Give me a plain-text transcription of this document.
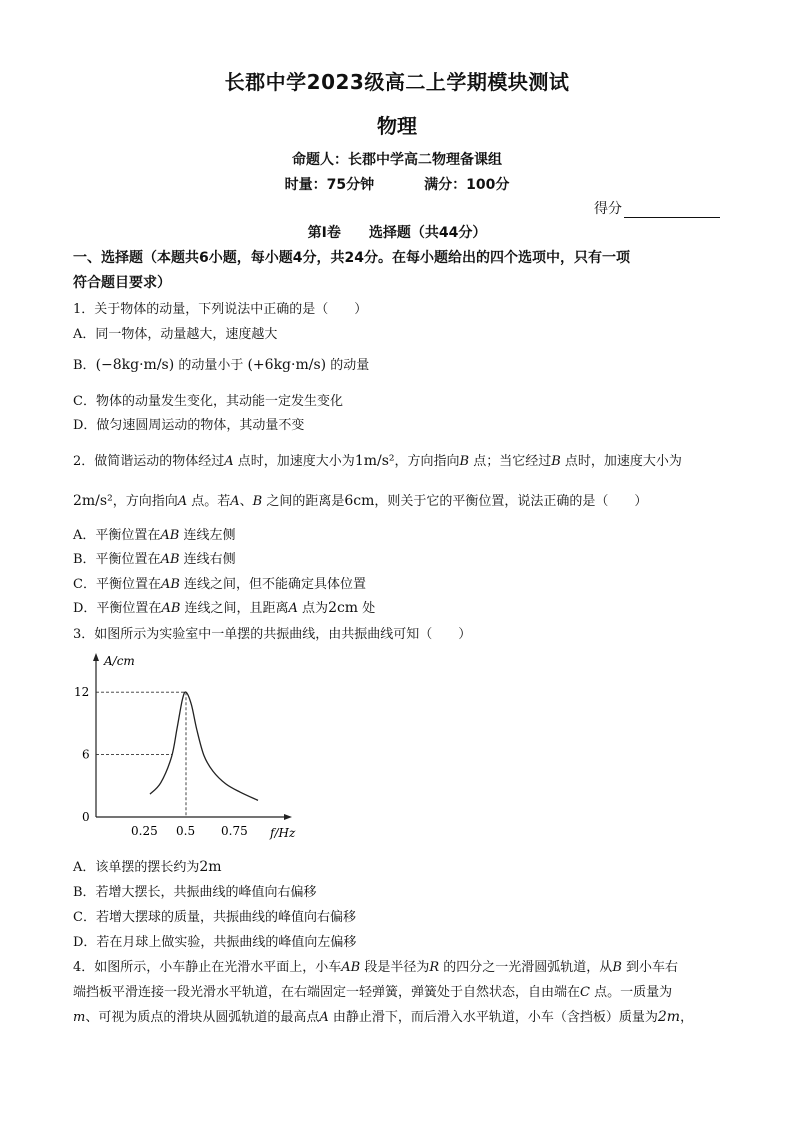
长郡中学2023级高二上学期模块测试
物理
命题人：长郡中学高二物理备课组
时量：75分钟	满分：100分
得分
第Ⅰ卷 选择题（共44分）
一、选择题（本题共6小题，每小题4分，共24分。在每小题给出的四个选项中，只有一项
符合题目要求）
1．关于物体的动量，下列说法中正确的是（　　）
A．同一物体，动量越大，速度越大
B．(−8kg·m/s) 的动量小于 (+6kg·m/s) 的动量
C．物体的动量发生变化，其动能一定发生变化
D．做匀速圆周运动的物体，其动量不变
2．做简谐运动的物体经过A 点时，加速度大小为1m/s²，方向指向B 点；当它经过B 点时，加速度大小为
2m/s²，方向指向A 点。若A、B 之间的距离是6cm，则关于它的平衡位置，说法正确的是（　　）
A．平衡位置在AB 连线左侧
B．平衡位置在AB 连线右侧
C．平衡位置在AB 连线之间，但不能确定具体位置
D．平衡位置在AB 连线之间，且距离A 点为2cm 处
3．如图所示为实验室中一单摆的共振曲线，由共振曲线可知（　　）
A/cm
f/Hz
0
0.25 0.5 0.75
6
12
A．该单摆的摆长约为2m
B．若增大摆长，共振曲线的峰值向右偏移
C．若增大摆球的质量，共振曲线的峰值向右偏移
D．若在月球上做实验，共振曲线的峰值向左偏移
4．如图所示，小车静止在光滑水平面上，小车AB 段是半径为R 的四分之一光滑圆弧轨道，从B 到小车右
端挡板平滑连接一段光滑水平轨道，在右端固定一轻弹簧，弹簧处于自然状态，自由端在C 点。一质量为
m、可视为质点的滑块从圆弧轨道的最高点A 由静止滑下，而后滑入水平轨道，小车（含挡板）质量为2m，
